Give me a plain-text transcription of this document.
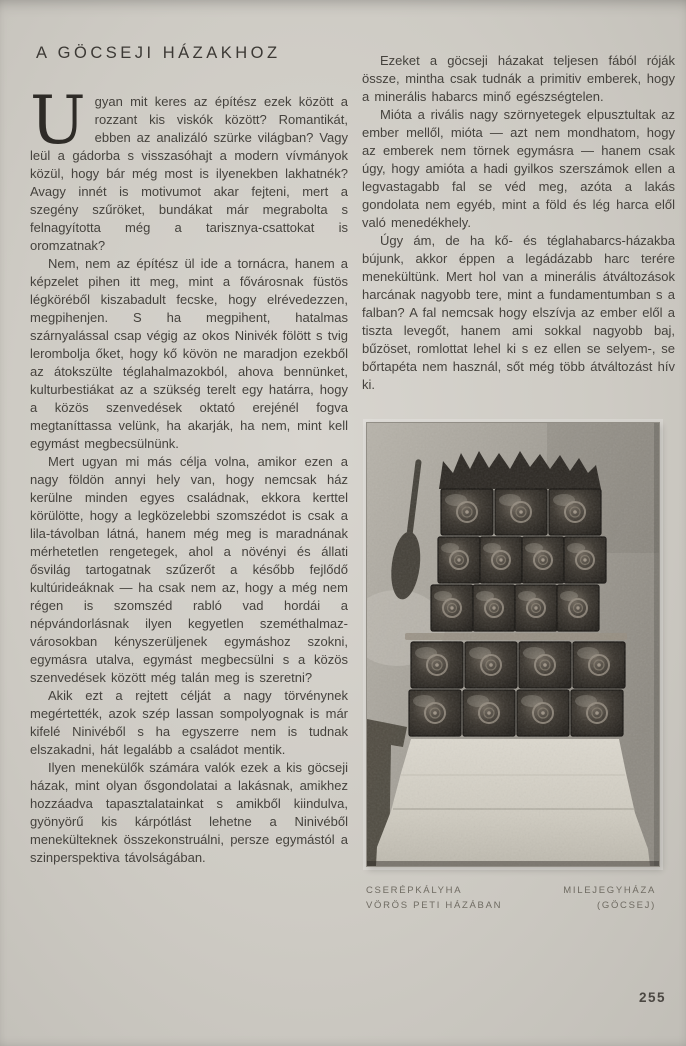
A GÖCSEJI HÁZAKHOZ

Ugyan mit keres az építész ezek között a rozzant kis viskók között? Romantikát, ebben az analizáló szürke világban? Vagy leül a gádorba s visszasóhajt a modern vívmányok közül, hogy bár még most is ilyenekben lakhatnék? Avagy innét is motivumot akar fejteni, mert a szegény szűröket, bundákat már megrabolta s felnagyította még a tarisznya-csattokat is oromzatnak?

Nem, nem az építész ül ide a tornácra, hanem a képzelet pihen itt meg, mint a fővárosnak füstös légköréből kiszabadult fecske, hogy elrévedezzen, megpihenjen. S ha megpihent, hatalmas szárnyalással csap végig az okos Ninivék fölött s tvig lerombolja őket, hogy kő kövön ne maradjon ezekből az átokszülte téglahalmazokból, ahova bennünket, kulturbestiákat az a szükség terelt egy határra, hogy a közös szenvedések oktató erejénél fogva megtaníttassa velünk, ha akarják, ha nem, mint kell egymást megbecsülnünk.

Mert ugyan mi más célja volna, amikor ezen a nagy földön annyi hely van, hogy nemcsak ház kerülne minden egyes családnak, ekkora kerttel körülötte, hogy a legközelebbi szomszédot is csak a lila-távolban látná, hanem még meg is maradnának mérhetetlen rengetegek, ahol a növényi és állati ősvilág tartogatnak szűzerőt a később fejlődő kultúrideáknak — ha csak nem az, hogy a még nem régen is szomszéd rabló vad hordái a népvándorlásnak ilyen kegyetlen szeméthalmaz-városokban kényszerüljenek egymáshoz szokni, egymásra utalva, egymást megbecsülni s a közös szenvedések között még talán meg is szeretni?

Akik ezt a rejtett célját a nagy törvénynek megértették, azok szép lassan sompolyognak is már kifelé Ninivéből s ha egyszerre nem is tudnak elszakadni, hát legalább a családot mentik.

Ilyen menekülők számára valók ezek a kis göcseji házak, mint olyan ősgondolatai a lakásnak, amikhez hozzáadva tapasztalatainkat s amikből kiindulva, gyönyörű kis kárpótlást lehetne a Ninivéből menekülteknek összekonstruálni, persze egymástól a szinperspektiva távolságában.

Ezeket a göcseji házakat teljesen fából róják össze, mintha csak tudnák a primitiv emberek, hogy a minerális habarcs minő egészségtelen.

Mióta a rivális nagy szörnyetegek elpusztultak az ember mellől, mióta — azt nem mondhatom, hogy az emberek nem törnek egymásra — hanem csak úgy, hogy amióta a hadi gyilkos szerszámok ellen a legvastagabb fal se véd meg, azóta a lakás gondolata nem egyéb, mint a föld és lég harca elől való menedékhely.

Úgy ám, de ha kő- és téglahabarcs-házakba bújunk, akkor éppen a legádázabb harc terére menekültünk. Mert hol van a minerális átváltozások harcának nagyobb tere, mint a fundamentumban s a falban? A fal nemcsak hogy elszívja az ember elől a tiszta levegőt, hanem ami sokkal nagyobb baj, bűzöset, romlottat lehel ki s ez ellen se selyem-, se bőrtapéta nem használ, sőt még több átváltozást hív ki.

CSERÉPKÁLYHA
VÖRÖS PETI HÁZÁBAN
MILEJEGYHÁZA
(GÖCSEJ)
255
